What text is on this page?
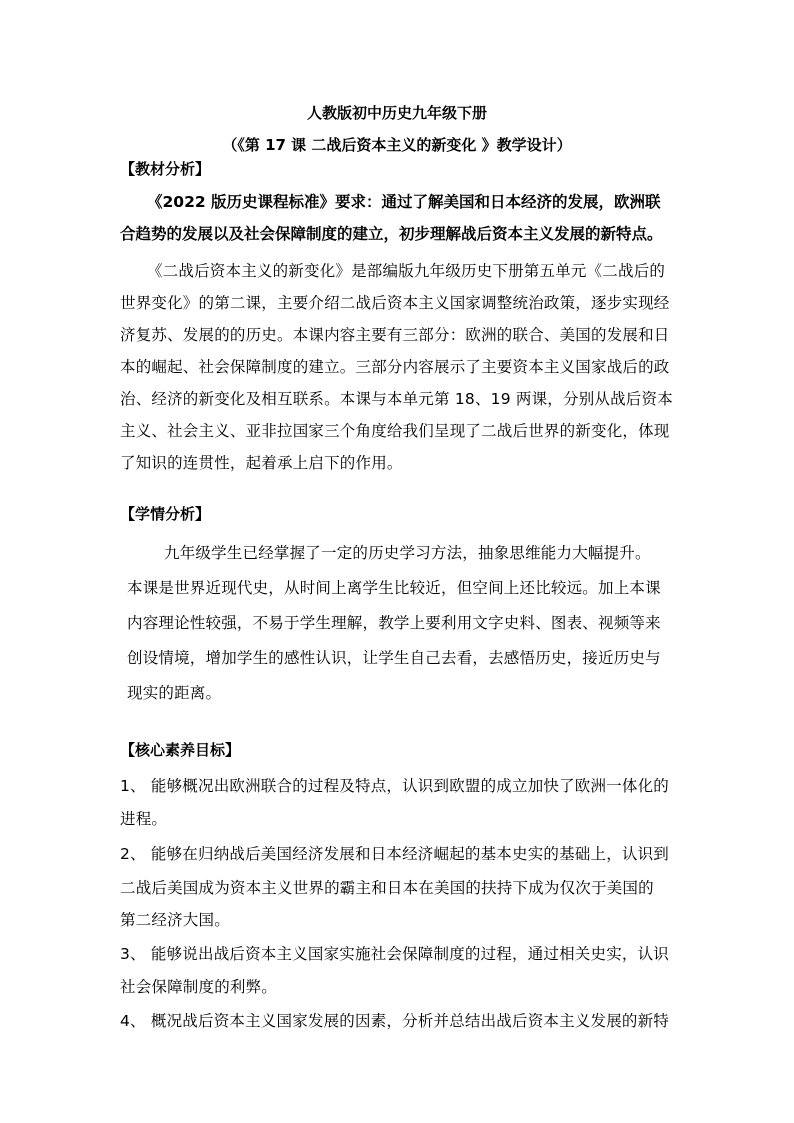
人教版初中历史九年级下册
（《第 17 课 二战后资本主义的新变化 》教学设计）
【教材分析】
《2022 版历史课程标准》要求：通过了解美国和日本经济的发展，欧洲联
合趋势的发展以及社会保障制度的建立，初步理解战后资本主义发展的新特点。
《二战后资本主义的新变化》是部编版九年级历史下册第五单元《二战后的
世界变化》的第二课，主要介绍二战后资本主义国家调整统治政策，逐步实现经
济复苏、发展的的历史。本课内容主要有三部分：欧洲的联合、美国的发展和日
本的崛起、社会保障制度的建立。三部分内容展示了主要资本主义国家战后的政
治、经济的新变化及相互联系。本课与本单元第 18、19 两课，分别从战后资本
主义、社会主义、亚非拉国家三个角度给我们呈现了二战后世界的新变化，体现
了知识的连贯性，起着承上启下的作用。
【学情分析】
九年级学生已经掌握了一定的历史学习方法，抽象思维能力大幅提升。
本课是世界近现代史，从时间上离学生比较近，但空间上还比较远。加上本课
内容理论性较强，不易于学生理解，教学上要利用文字史料、图表、视频等来
创设情境，增加学生的感性认识，让学生自己去看，去感悟历史，接近历史与
现实的距离。
【核心素养目标】
1、 能够概况出欧洲联合的过程及特点，认识到欧盟的成立加快了欧洲一体化的
进程。
2、 能够在归纳战后美国经济发展和日本经济崛起的基本史实的基础上，认识到
二战后美国成为资本主义世界的霸主和日本在美国的扶持下成为仅次于美国的
第二经济大国。
3、 能够说出战后资本主义国家实施社会保障制度的过程，通过相关史实，认识
社会保障制度的利弊。
4、 概况战后资本主义国家发展的因素，分析并总结出战后资本主义发展的新特
